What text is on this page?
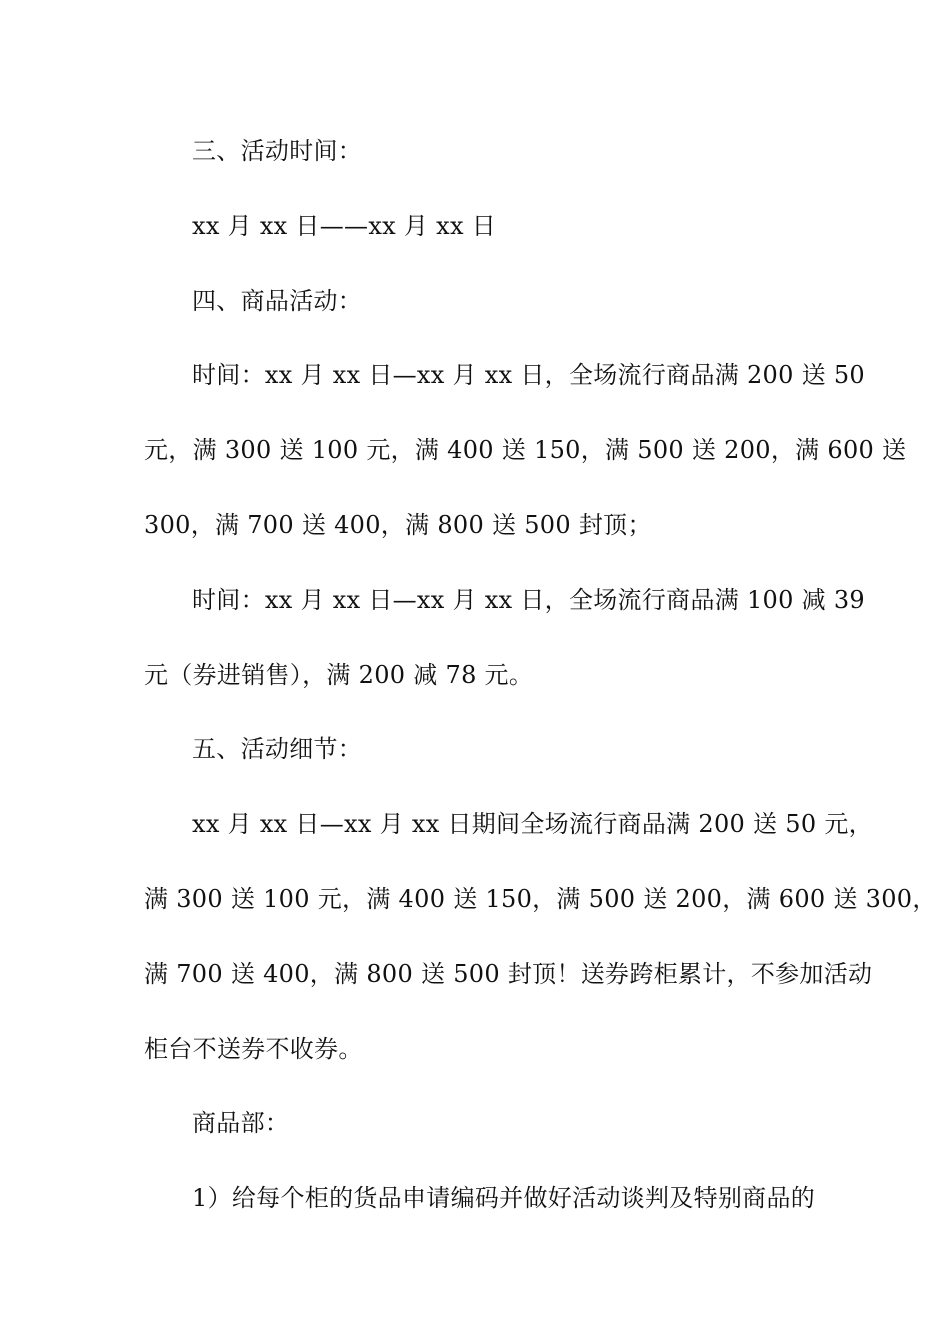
三、活动时间：
xx 月 xx 日——xx 月 xx 日
四、商品活动：
时间：xx 月 xx 日—xx 月 xx 日，全场流行商品满 200 送 50
元，满 300 送 100 元，满 400 送 150，满 500 送 200，满 600 送
300，满 700 送 400，满 800 送 500 封顶；
时间：xx 月 xx 日—xx 月 xx 日，全场流行商品满 100 减 39
元（券进销售），满 200 减 78 元。
五、活动细节：
xx 月 xx 日—xx 月 xx 日期间全场流行商品满 200 送 50 元，
满 300 送 100 元，满 400 送 150，满 500 送 200，满 600 送 300，
满 700 送 400，满 800 送 500 封顶！送券跨柜累计，不参加活动
柜台不送券不收券。
商品部：
1）给每个柜的货品申请编码并做好活动谈判及特别商品的
